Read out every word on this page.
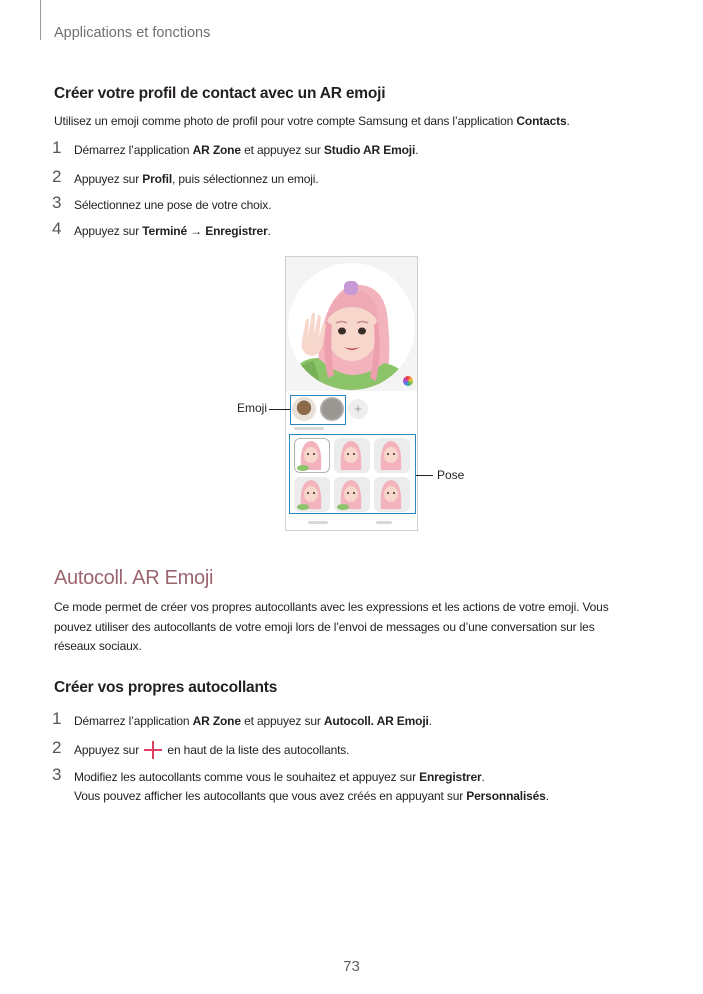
Applications et fonctions
Créer votre profil de contact avec un AR emoji
Utilisez un emoji comme photo de profil pour votre compte Samsung et dans l’application Contacts.
1	Démarrez l’application AR Zone et appuyez sur Studio AR Emoji.
2	Appuyez sur Profil, puis sélectionnez un emoji.
3	Sélectionnez une pose de votre choix.
4	Appuyez sur Terminé → Enregistrer.
+
Emoji
Pose
Autocoll. AR Emoji
Ce mode permet de créer vos propres autocollants avec les expressions et les actions de votre emoji. Vous
pouvez utiliser des autocollants de votre emoji lors de l’envoi de messages ou d’une conversation sur les
réseaux sociaux.
Créer vos propres autocollants
1	Démarrez l’application AR Zone et appuyez sur Autocoll. AR Emoji.
2	Appuyez sur  en haut de la liste des autocollants.
3	Modifiez les autocollants comme vous le souhaitez et appuyez sur Enregistrer.
Vous pouvez afficher les autocollants que vous avez créés en appuyant sur Personnalisés.
73
